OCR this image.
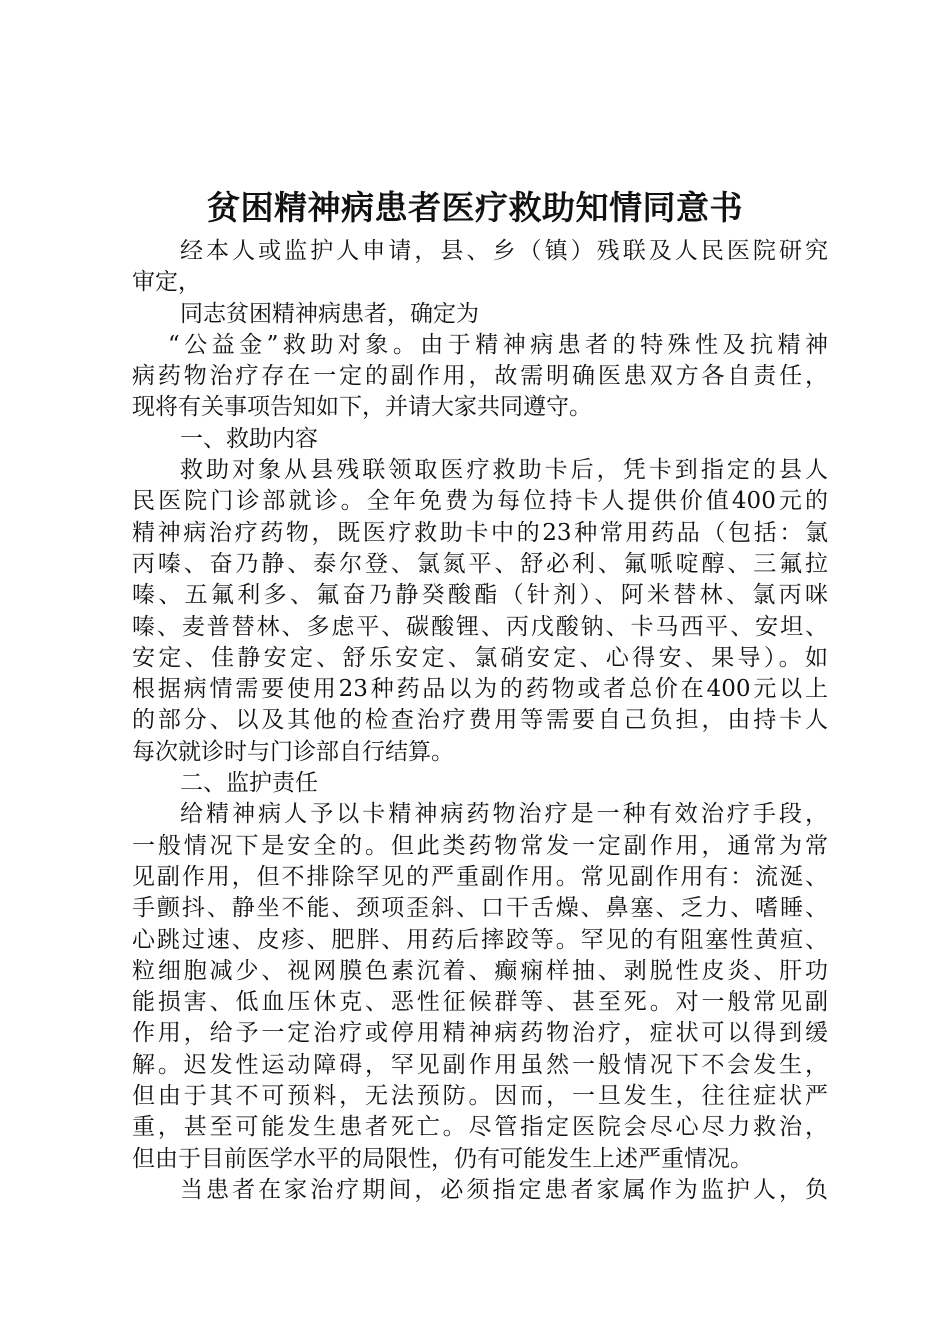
贫困精神病患者医疗救助知情同意书
经本人或监护人申请，县、乡（镇）残联及人民医院研究
审定，
同志贫困精神病患者，确定为
“公益金”救助对象。由于精神病患者的特殊性及抗精神
病药物治疗存在一定的副作用，故需明确医患双方各自责任，
现将有关事项告知如下，并请大家共同遵守。
一、救助内容
救助对象从县残联领取医疗救助卡后，凭卡到指定的县人
民医院门诊部就诊。全年免费为每位持卡人提供价值400元的
精神病治疗药物，既医疗救助卡中的23种常用药品（包括：氯
丙嗪、奋乃静、泰尔登、氯氮平、舒必利、氟哌啶醇、三氟拉
嗪、五氟利多、氟奋乃静癸酸酯（针剂）、阿米替林、氯丙咪
嗪、麦普替林、多虑平、碳酸锂、丙戊酸钠、卡马西平、安坦、
安定、佳静安定、舒乐安定、氯硝安定、心得安、果导）。如
根据病情需要使用23种药品以为的药物或者总价在400元以上
的部分、以及其他的检查治疗费用等需要自己负担，由持卡人
每次就诊时与门诊部自行结算。
二、监护责任
给精神病人予以卡精神病药物治疗是一种有效治疗手段，
一般情况下是安全的。但此类药物常发一定副作用，通常为常
见副作用，但不排除罕见的严重副作用。常见副作用有：流涎、
手颤抖、静坐不能、颈项歪斜、口干舌燥、鼻塞、乏力、嗜睡、
心跳过速、皮疹、肥胖、用药后摔跤等。罕见的有阻塞性黄疸、
粒细胞减少、视网膜色素沉着、癫痫样抽、剥脱性皮炎、肝功
能损害、低血压休克、恶性征候群等、甚至死。对一般常见副
作用，给予一定治疗或停用精神病药物治疗，症状可以得到缓
解。迟发性运动障碍，罕见副作用虽然一般情况下不会发生，
但由于其不可预料，无法预防。因而，一旦发生，往往症状严
重，甚至可能发生患者死亡。尽管指定医院会尽心尽力救治，
但由于目前医学水平的局限性，仍有可能发生上述严重情况。
当患者在家治疗期间，必须指定患者家属作为监护人，负
